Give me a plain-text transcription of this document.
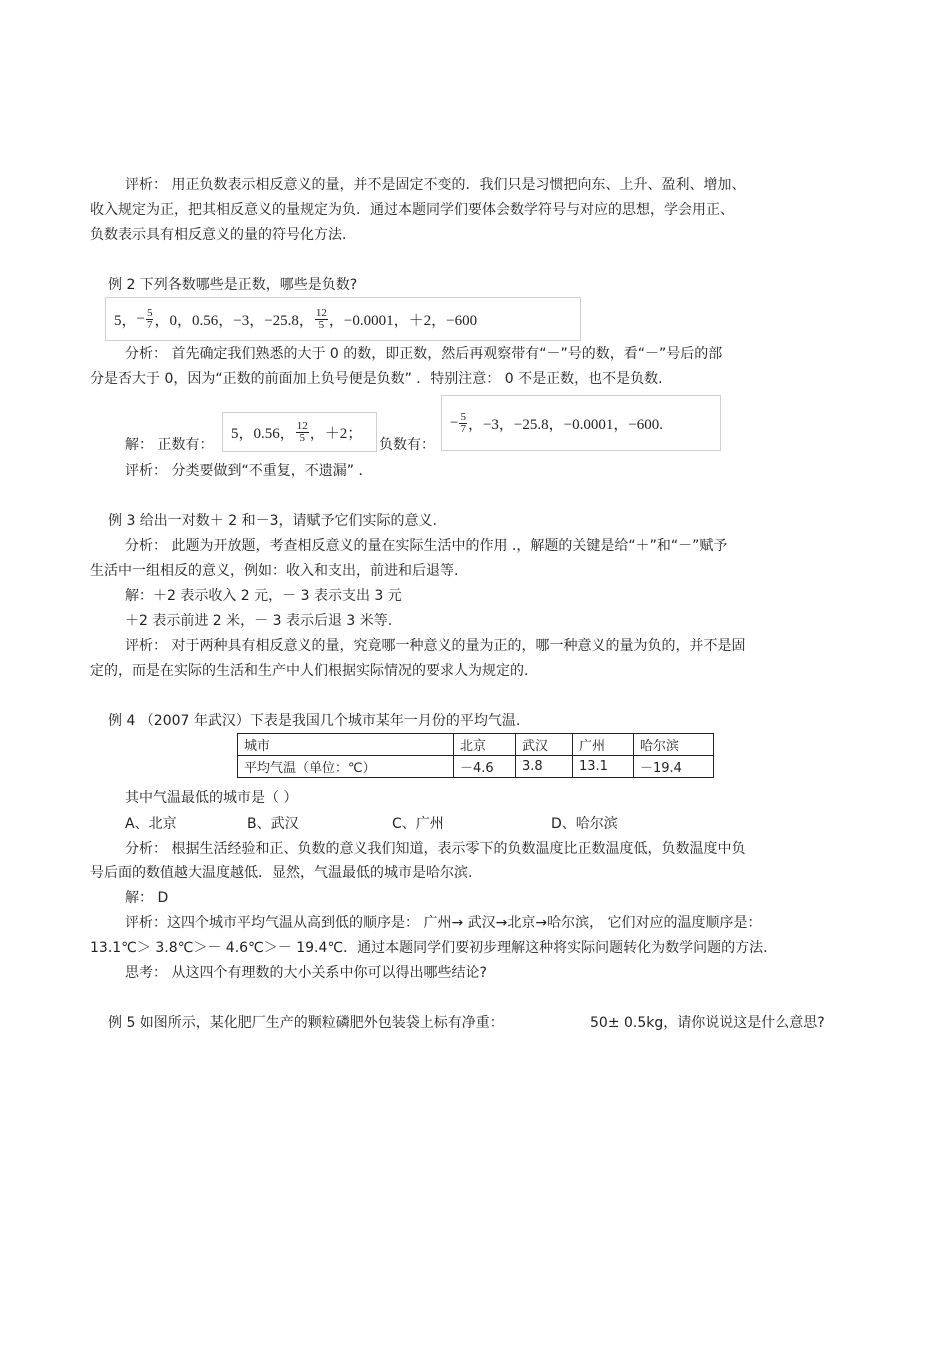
评析： 用正负数表示相反意义的量，并不是固定不变的．我们只是习惯把向东、上升、盈利、增加、
收入规定为正，把其相反意义的量规定为负．通过本题同学们要体会数学符号与对应的思想，学会用正、
负数表示具有相反意义的量的符号化方法．
例 2 下列各数哪些是正数，哪些是负数?
5， − $\frac{5}{7}$ ，0，0.56，−3，−25.8， $\frac{12}{5}$ ，−0.0001，＋2，−600
分析： 首先确定我们熟悉的大于 0 的数，即正数，然后再观察带有“－”号的数，看“－”号后的部
分是否大于 0，因为“正数的前面加上负号便是负数” ．特别注意： 0 不是正数，也不是负数.
解： 正数有：
5，0.56， $\frac{12}{5}$ ，＋2；
负数有：
− $\frac{5}{7}$ ，−3，−25.8，−0.0001，−600.
评析： 分类要做到“不重复，不遗漏” .
例 3 给出一对数＋ 2 和－3，请赋予它们实际的意义.
分析： 此题为开放题，考查相反意义的量在实际生活中的作用 .，解题的关键是给“＋”和“－”赋予
生活中一组相反的意义，例如：收入和支出，前进和后退等.
解：＋2 表示收入 2 元，－ 3 表示支出 3 元
＋2 表示前进 2 米，－ 3 表示后退 3 米等.
评析： 对于两种具有相反意义的量，究竟哪一种意义的量为正的，哪一种意义的量为负的，并不是固
定的，而是在实际的生活和生产中人们根据实际情况的要求人为规定的.
例 4 （2007 年武汉）下表是我国几个城市某年一月份的平均气温.
城市	北京	武汉	广州	哈尔滨
平均气温（单位：℃）	－4.6	3.8	13.1	－19.4
其中气温最低的城市是（ ）
A、北京	B、武汉	C、广州	D、哈尔滨
分析： 根据生活经验和正、负数的意义我们知道，表示零下的负数温度比正数温度低，负数温度中负
号后面的数值越大温度越低．显然，气温最低的城市是哈尔滨.
解： D
评析：这四个城市平均气温从高到低的顺序是： 广州→ 武汉→北京→哈尔滨， 它们对应的温度顺序是：
13.1℃＞ 3.8℃＞－ 4.6℃＞－ 19.4℃．通过本题同学们要初步理解这种将实际问题转化为数学问题的方法.
思考： 从这四个有理数的大小关系中你可以得出哪些结论?
例 5 如图所示，某化肥厂生产的颗粒磷肥外包装袋上标有净重：	50± 0.5kg，请你说说这是什么意思?
